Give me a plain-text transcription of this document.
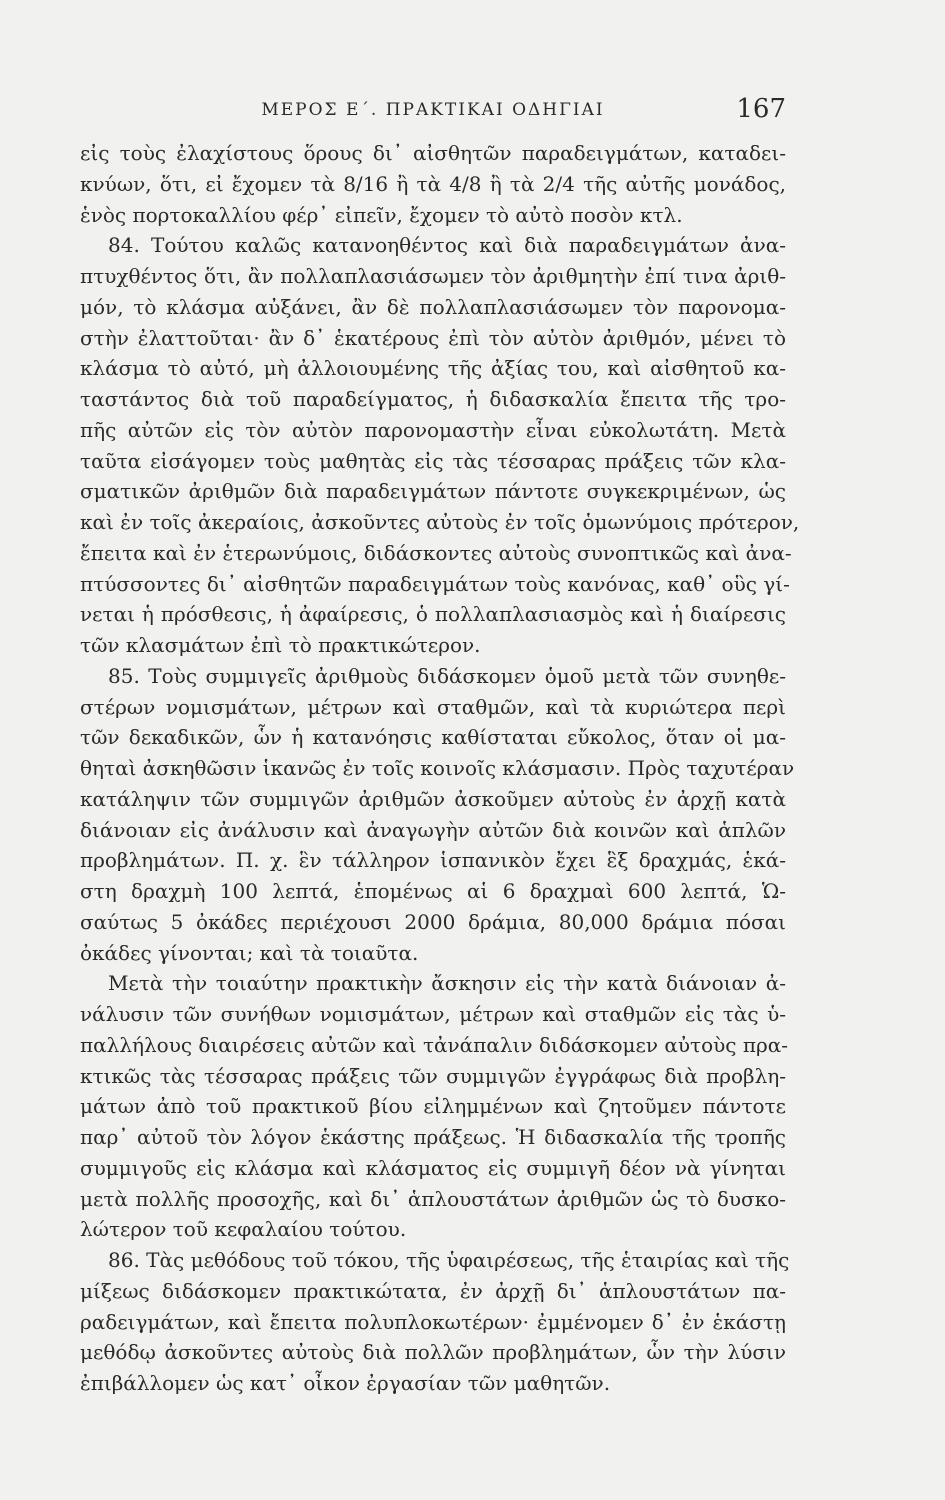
ΜΕΡΟΣ Ε΄. ΠΡΑΚΤΙΚΑΙ ΟΔΗΓΙΑΙ	167
εἰς τοὺς ἐλαχίστους ὅρους δι᾿ αἰσθητῶν παραδειγμάτων, καταδει-
κνύων, ὅτι, εἰ ἔχομεν τὰ 8/16 ἢ τὰ 4/8 ἢ τὰ 2/4 τῆς αὐτῆς μονάδος,
ἑνὸς πορτοκαλλίου φέρ᾿ εἰπεῖν, ἔχομεν τὸ αὐτὸ ποσὸν κτλ.
84. Τούτου καλῶς κατανοηθέντος καὶ διὰ παραδειγμάτων ἀνα-
πτυχθέντος ὅτι, ἂν πολλαπλασιάσωμεν τὸν ἀριθμητὴν ἐπί τινα ἀριθ-
μόν, τὸ κλάσμα αὐξάνει, ἂν δὲ πολλαπλασιάσωμεν τὸν παρονομα-
στὴν ἐλαττοῦται· ἂν δ᾿ ἑκατέρους ἐπὶ τὸν αὐτὸν ἀριθμόν, μένει τὸ
κλάσμα τὸ αὐτό, μὴ ἀλλοιουμένης τῆς ἀξίας του, καὶ αἰσθητοῦ κα-
ταστάντος διὰ τοῦ παραδείγματος, ἡ διδασκαλία ἔπειτα τῆς τρο-
πῆς αὐτῶν εἰς τὸν αὐτὸν παρονομαστὴν εἶναι εὐκολωτάτη. Μετὰ
ταῦτα εἰσάγομεν τοὺς μαθητὰς εἰς τὰς τέσσαρας πράξεις τῶν κλα-
σματικῶν ἀριθμῶν διὰ παραδειγμάτων πάντοτε συγκεκριμένων, ὡς
καὶ ἐν τοῖς ἀκεραίοις, ἀσκοῦντες αὐτοὺς ἐν τοῖς ὁμωνύμοις πρότερον,
ἔπειτα καὶ ἐν ἑτερωνύμοις, διδάσκοντες αὐτοὺς συνοπτικῶς καὶ ἀνα-
πτύσσοντες δι᾿ αἰσθητῶν παραδειγμάτων τοὺς κανόνας, καθ᾿ οὓς γί-
νεται ἡ πρόσθεσις, ἡ ἀφαίρεσις, ὁ πολλαπλασιασμὸς καὶ ἡ διαίρεσις
τῶν κλασμάτων ἐπὶ τὸ πρακτικώτερον.
85. Τοὺς συμμιγεῖς ἀριθμοὺς διδάσκομεν ὁμοῦ μετὰ τῶν συνηθε-
στέρων νομισμάτων, μέτρων καὶ σταθμῶν, καὶ τὰ κυριώτερα περὶ
τῶν δεκαδικῶν, ὧν ἡ κατανόησις καθίσταται εὔκολος, ὅταν οἱ μα-
θηταὶ ἀσκηθῶσιν ἱκανῶς ἐν τοῖς κοινοῖς κλάσμασιν. Πρὸς ταχυτέραν
κατάληψιν τῶν συμμιγῶν ἀριθμῶν ἀσκοῦμεν αὐτοὺς ἐν ἀρχῇ κατὰ
διάνοιαν εἰς ἀνάλυσιν καὶ ἀναγωγὴν αὐτῶν διὰ κοινῶν καὶ ἁπλῶν
προβλημάτων. Π. χ. ἓν τάλληρον ἱσπανικὸν ἔχει ἓξ δραχμάς, ἑκά-
στη δραχμὴ 100 λεπτά, ἑπομένως αἱ 6 δραχμαὶ 600 λεπτά, Ὡ-
σαύτως 5 ὀκάδες περιέχουσι 2000 δράμια, 80,000 δράμια πόσαι
ὀκάδες γίνονται; καὶ τὰ τοιαῦτα.
Μετὰ τὴν τοιαύτην πρακτικὴν ἄσκησιν εἰς τὴν κατὰ διάνοιαν ἀ-
νάλυσιν τῶν συνήθων νομισμάτων, μέτρων καὶ σταθμῶν εἰς τὰς ὑ-
παλλήλους διαιρέσεις αὐτῶν καὶ τἀνάπαλιν διδάσκομεν αὐτοὺς πρα-
κτικῶς τὰς τέσσαρας πράξεις τῶν συμμιγῶν ἐγγράφως διὰ προβλη-
μάτων ἀπὸ τοῦ πρακτικοῦ βίου εἰλημμένων καὶ ζητοῦμεν πάντοτε
παρ᾿ αὐτοῦ τὸν λόγον ἑκάστης πράξεως. Ἡ διδασκαλία τῆς τροπῆς
συμμιγοῦς εἰς κλάσμα καὶ κλάσματος εἰς συμμιγῆ δέον νὰ γίνηται
μετὰ πολλῆς προσοχῆς, καὶ δι᾿ ἁπλουστάτων ἀριθμῶν ὡς τὸ δυσκο-
λώτερον τοῦ κεφαλαίου τούτου.
86. Τὰς μεθόδους τοῦ τόκου, τῆς ὑφαιρέσεως, τῆς ἑταιρίας καὶ τῆς
μίξεως διδάσκομεν πρακτικώτατα, ἐν ἀρχῇ δι᾿ ἁπλουστάτων πα-
ραδειγμάτων, καὶ ἔπειτα πολυπλοκωτέρων· ἐμμένομεν δ᾿ ἐν ἑκάστῃ
μεθόδῳ ἀσκοῦντες αὐτοὺς διὰ πολλῶν προβλημάτων, ὧν τὴν λύσιν
ἐπιβάλλομεν ὡς κατ᾿ οἶκον ἐργασίαν τῶν μαθητῶν.
